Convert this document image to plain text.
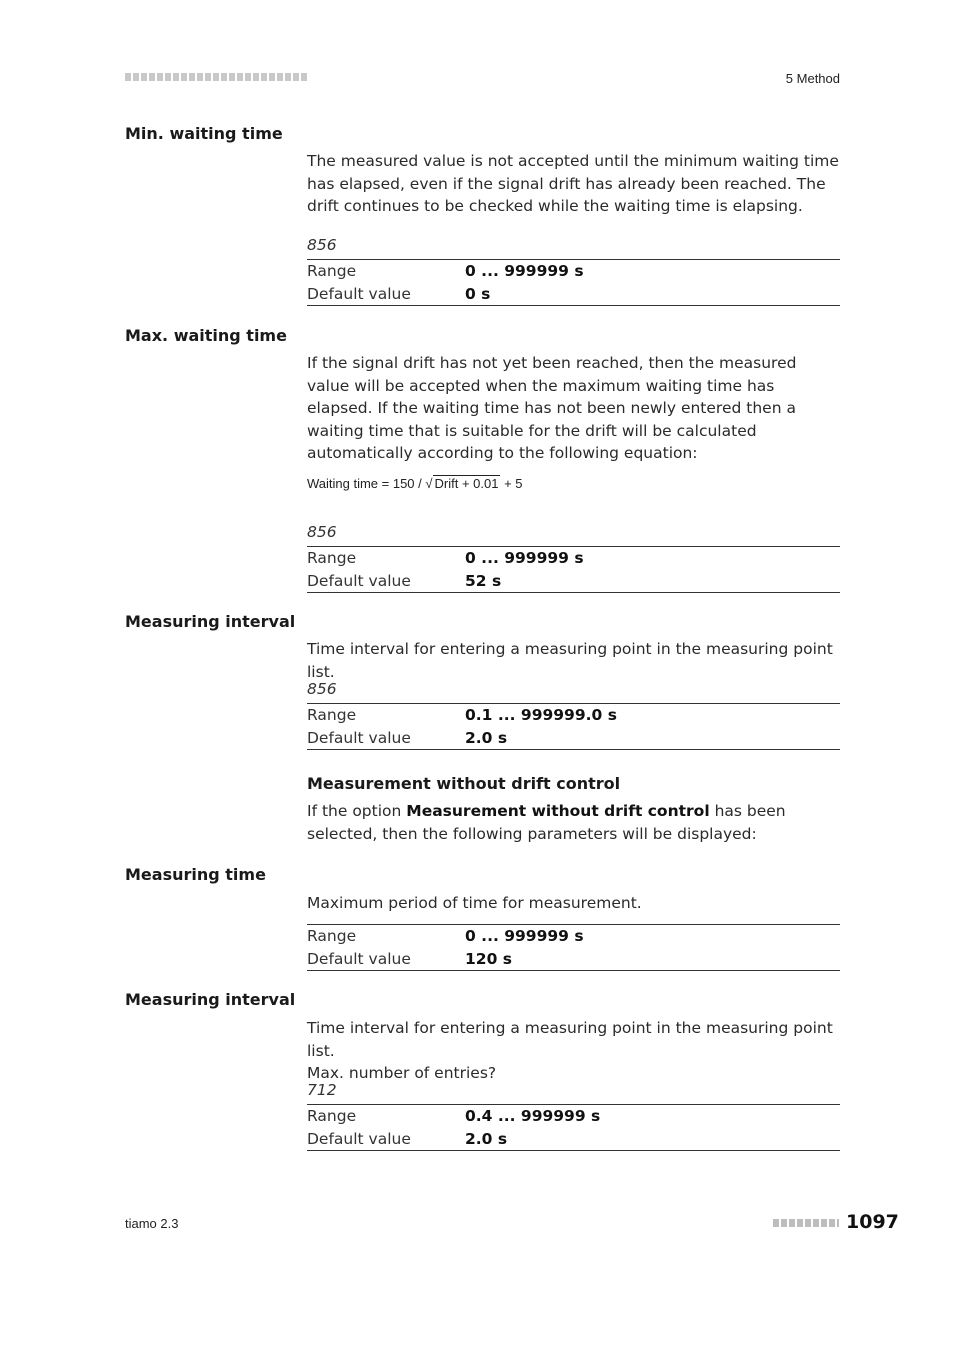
5 Method
Min. waiting time
The measured value is not accepted until the minimum waiting time has elapsed, even if the signal drift has already been reached. The drift continues to be checked while the waiting time is elapsing.
856
Range	0 ... 999999 s
Default value	0 s
Max. waiting time
If the signal drift has not yet been reached, then the measured value will be accepted when the maximum waiting time has elapsed. If the waiting time has not been newly entered then a waiting time that is suitable for the drift will be calculated automatically according to the following equation:
Waiting time = 150 / √ Drift + 0.01 + 5
856
Range	0 ... 999999 s
Default value	52 s
Measuring interval
Time interval for entering a measuring point in the measuring point list.
856
Range	0.1 ... 999999.0 s
Default value	2.0 s
Measurement without drift control
If the option Measurement without drift control has been selected, then the following parameters will be displayed:
Measuring time
Maximum period of time for measurement.
Range	0 ... 999999 s
Default value	120 s
Measuring interval
Time interval for entering a measuring point in the measuring point list.
Max. number of entries?
712
Range	0.4 ... 999999 s
Default value	2.0 s
tiamo 2.3	1097
